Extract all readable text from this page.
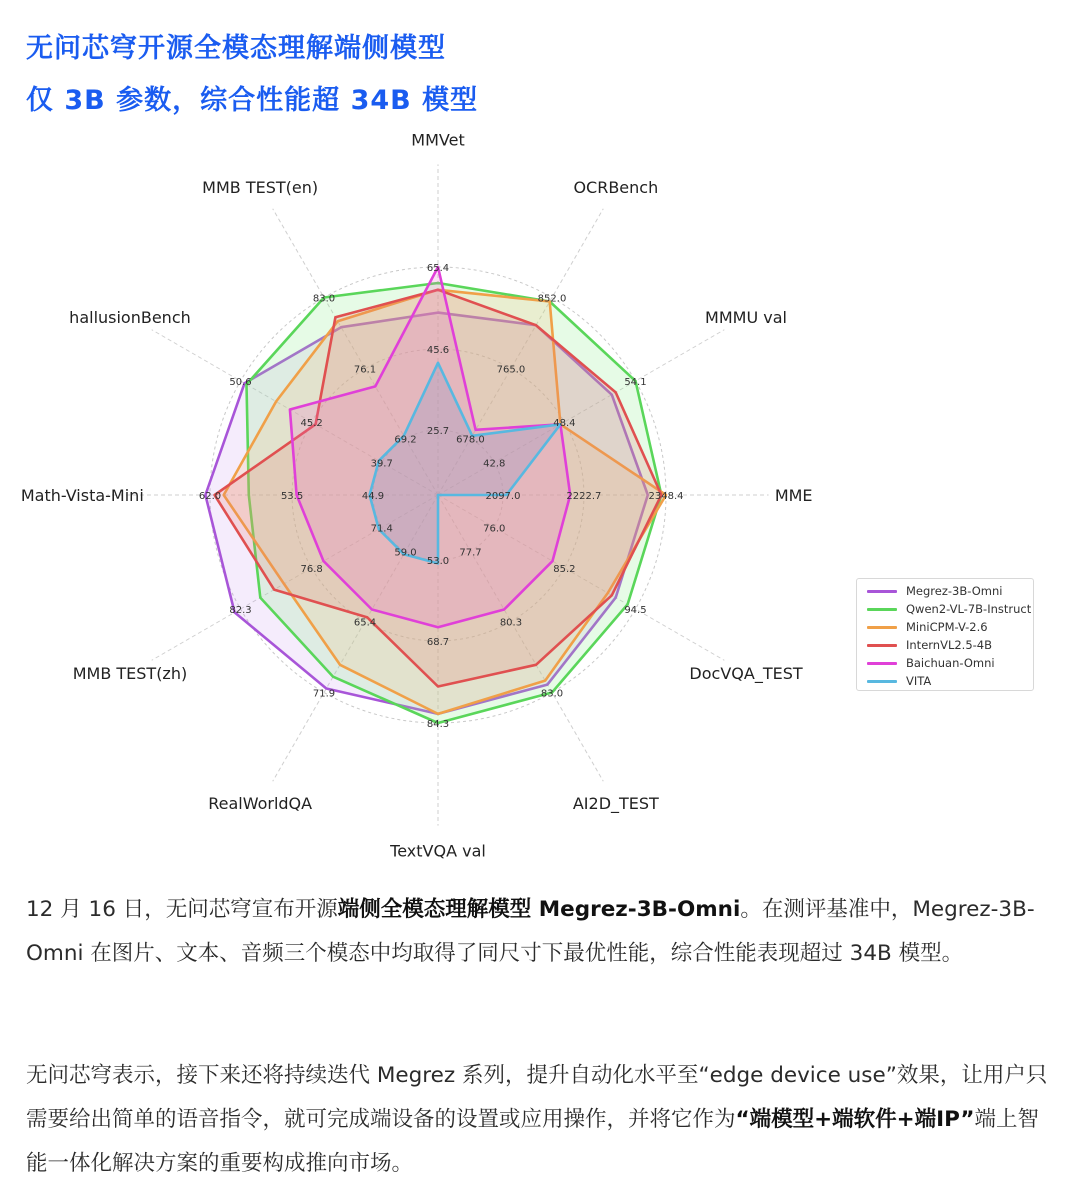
无问芯穹开源全模态理解端侧模型
仅 3B 参数，综合性能超 34B 模型
25.7
45.6
65.4
678.0
765.0
852.0
42.8
48.4
54.1
2097.0	2222.7	2348.4
76.0
85.2
94.5
77.7
80.3
83.0
53.0
68.7
84.3
59.0
65.4
71.9
71.4
76.8
82.3
44.9
53.5
62.0
39.7
45.2
50.6
69.2
76.1
83.0
MMVet
OCRBench
MMMU val
MME
DocVQA_TEST
AI2D_TEST
TextVQA val
RealWorldQA
MMB TEST(zh)
Math-Vista-Mini
hallusionBench
MMB TEST(en)
Megrez-3B-Omni
Qwen2-VL-7B-Instruct
MiniCPM-V-2.6
InternVL2.5-4B
Baichuan-Omni
VITA
12 月 16 日，无问芯穹宣布开源端侧全模态理解模型 Megrez-3B-Omni。在测评基准中，Megrez-3B-Omni 在图片、文本、音频三个模态中均取得了同尺寸下最优性能，综合性能表现超过 34B 模型。
无问芯穹表示，接下来还将持续迭代 Megrez 系列，提升自动化水平至“edge device use”效果，让用户只需要给出简单的语音指令，就可完成端设备的设置或应用操作，并将它作为“端模型+端软件+端IP”端上智能一体化解决方案的重要构成推向市场。
